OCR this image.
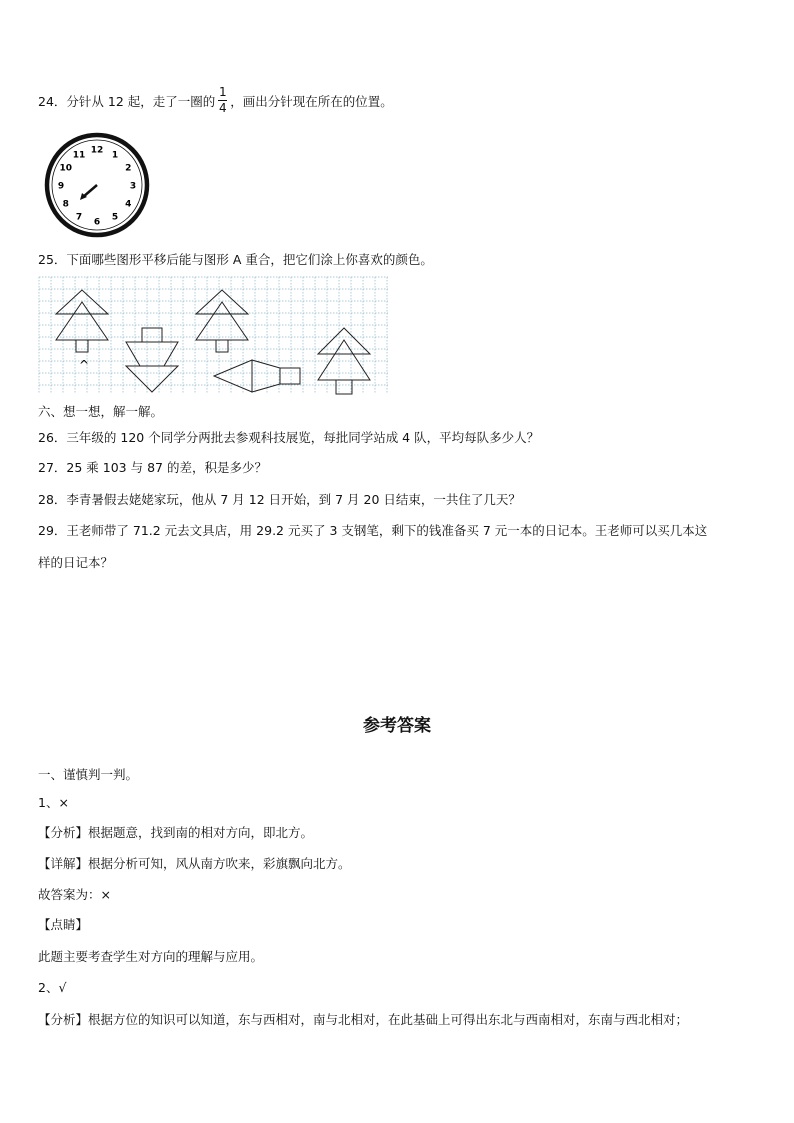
24．分针从 12 起，走了一圈的 $\frac{1}{4}$ ，画出分针现在所在的位置。
12 1
2
3
4
5
6
7
8
9
10
11
25．下面哪些图形平移后能与图形 A 重合，把它们涂上你喜欢的颜色。
^
六、想一想，解一解。
26．三年级的 120 个同学分两批去参观科技展览，每批同学站成 4 队，平均每队多少人？
27．25 乘 103 与 87 的差，积是多少？
28．李青暑假去姥姥家玩，他从 7 月 12 日开始，到 7 月 20 日结束，一共住了几天？
29．王老师带了 71.2 元去文具店，用 29.2 元买了 3 支钢笔，剩下的钱准备买 7 元一本的日记本。王老师可以买几本这
样的日记本？
参考答案
一、谨慎判一判。
1、×
【分析】根据题意，找到南的相对方向，即北方。
【详解】根据分析可知，风从南方吹来，彩旗飘向北方。
故答案为：×
【点睛】
此题主要考查学生对方向的理解与应用。
2、√
【分析】根据方位的知识可以知道，东与西相对，南与北相对，在此基础上可得出东北与西南相对，东南与西北相对；
